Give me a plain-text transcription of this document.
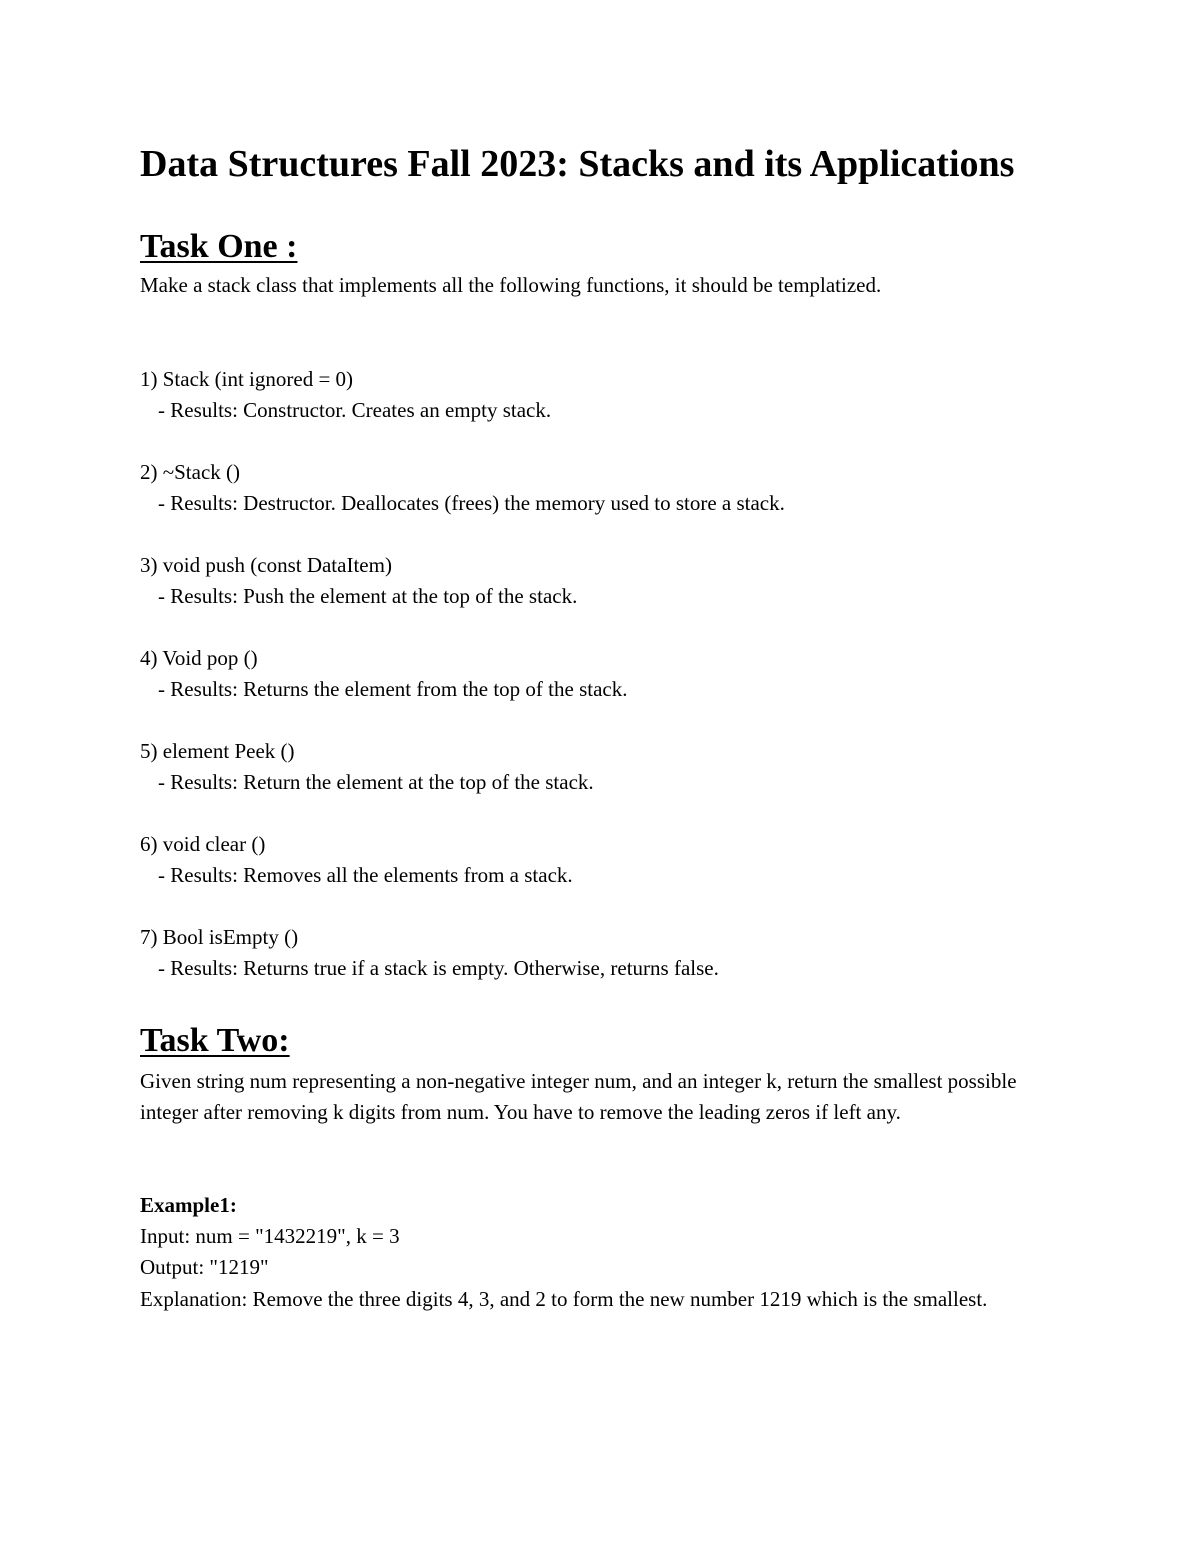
Data Structures Fall 2023: Stacks and its Applications
Task One :

Make a stack class that implements all the following functions, it should be templatized.

1) Stack (int ignored = 0)

- Results: Constructor. Creates an empty stack.

2) ~Stack ()

- Results: Destructor. Deallocates (frees) the memory used to store a stack.

3) void push (const DataItem)

- Results: Push the element at the top of the stack.

4) Void pop ()

- Results: Returns the element from the top of the stack.

5) element Peek ()

- Results: Return the element at the top of the stack.

6) void clear ()

- Results: Removes all the elements from a stack.

7) Bool isEmpty ()

- Results: Returns true if a stack is empty. Otherwise, returns false.

Task Two:

Given string num representing a non-negative integer num, and an integer k, return the smallest possible integer after removing k digits from num. You have to remove the leading zeros if left any.

Example1:

Input: num = "1432219", k = 3

Output: "1219"

Explanation: Remove the three digits 4, 3, and 2 to form the new number 1219 which is the smallest.
